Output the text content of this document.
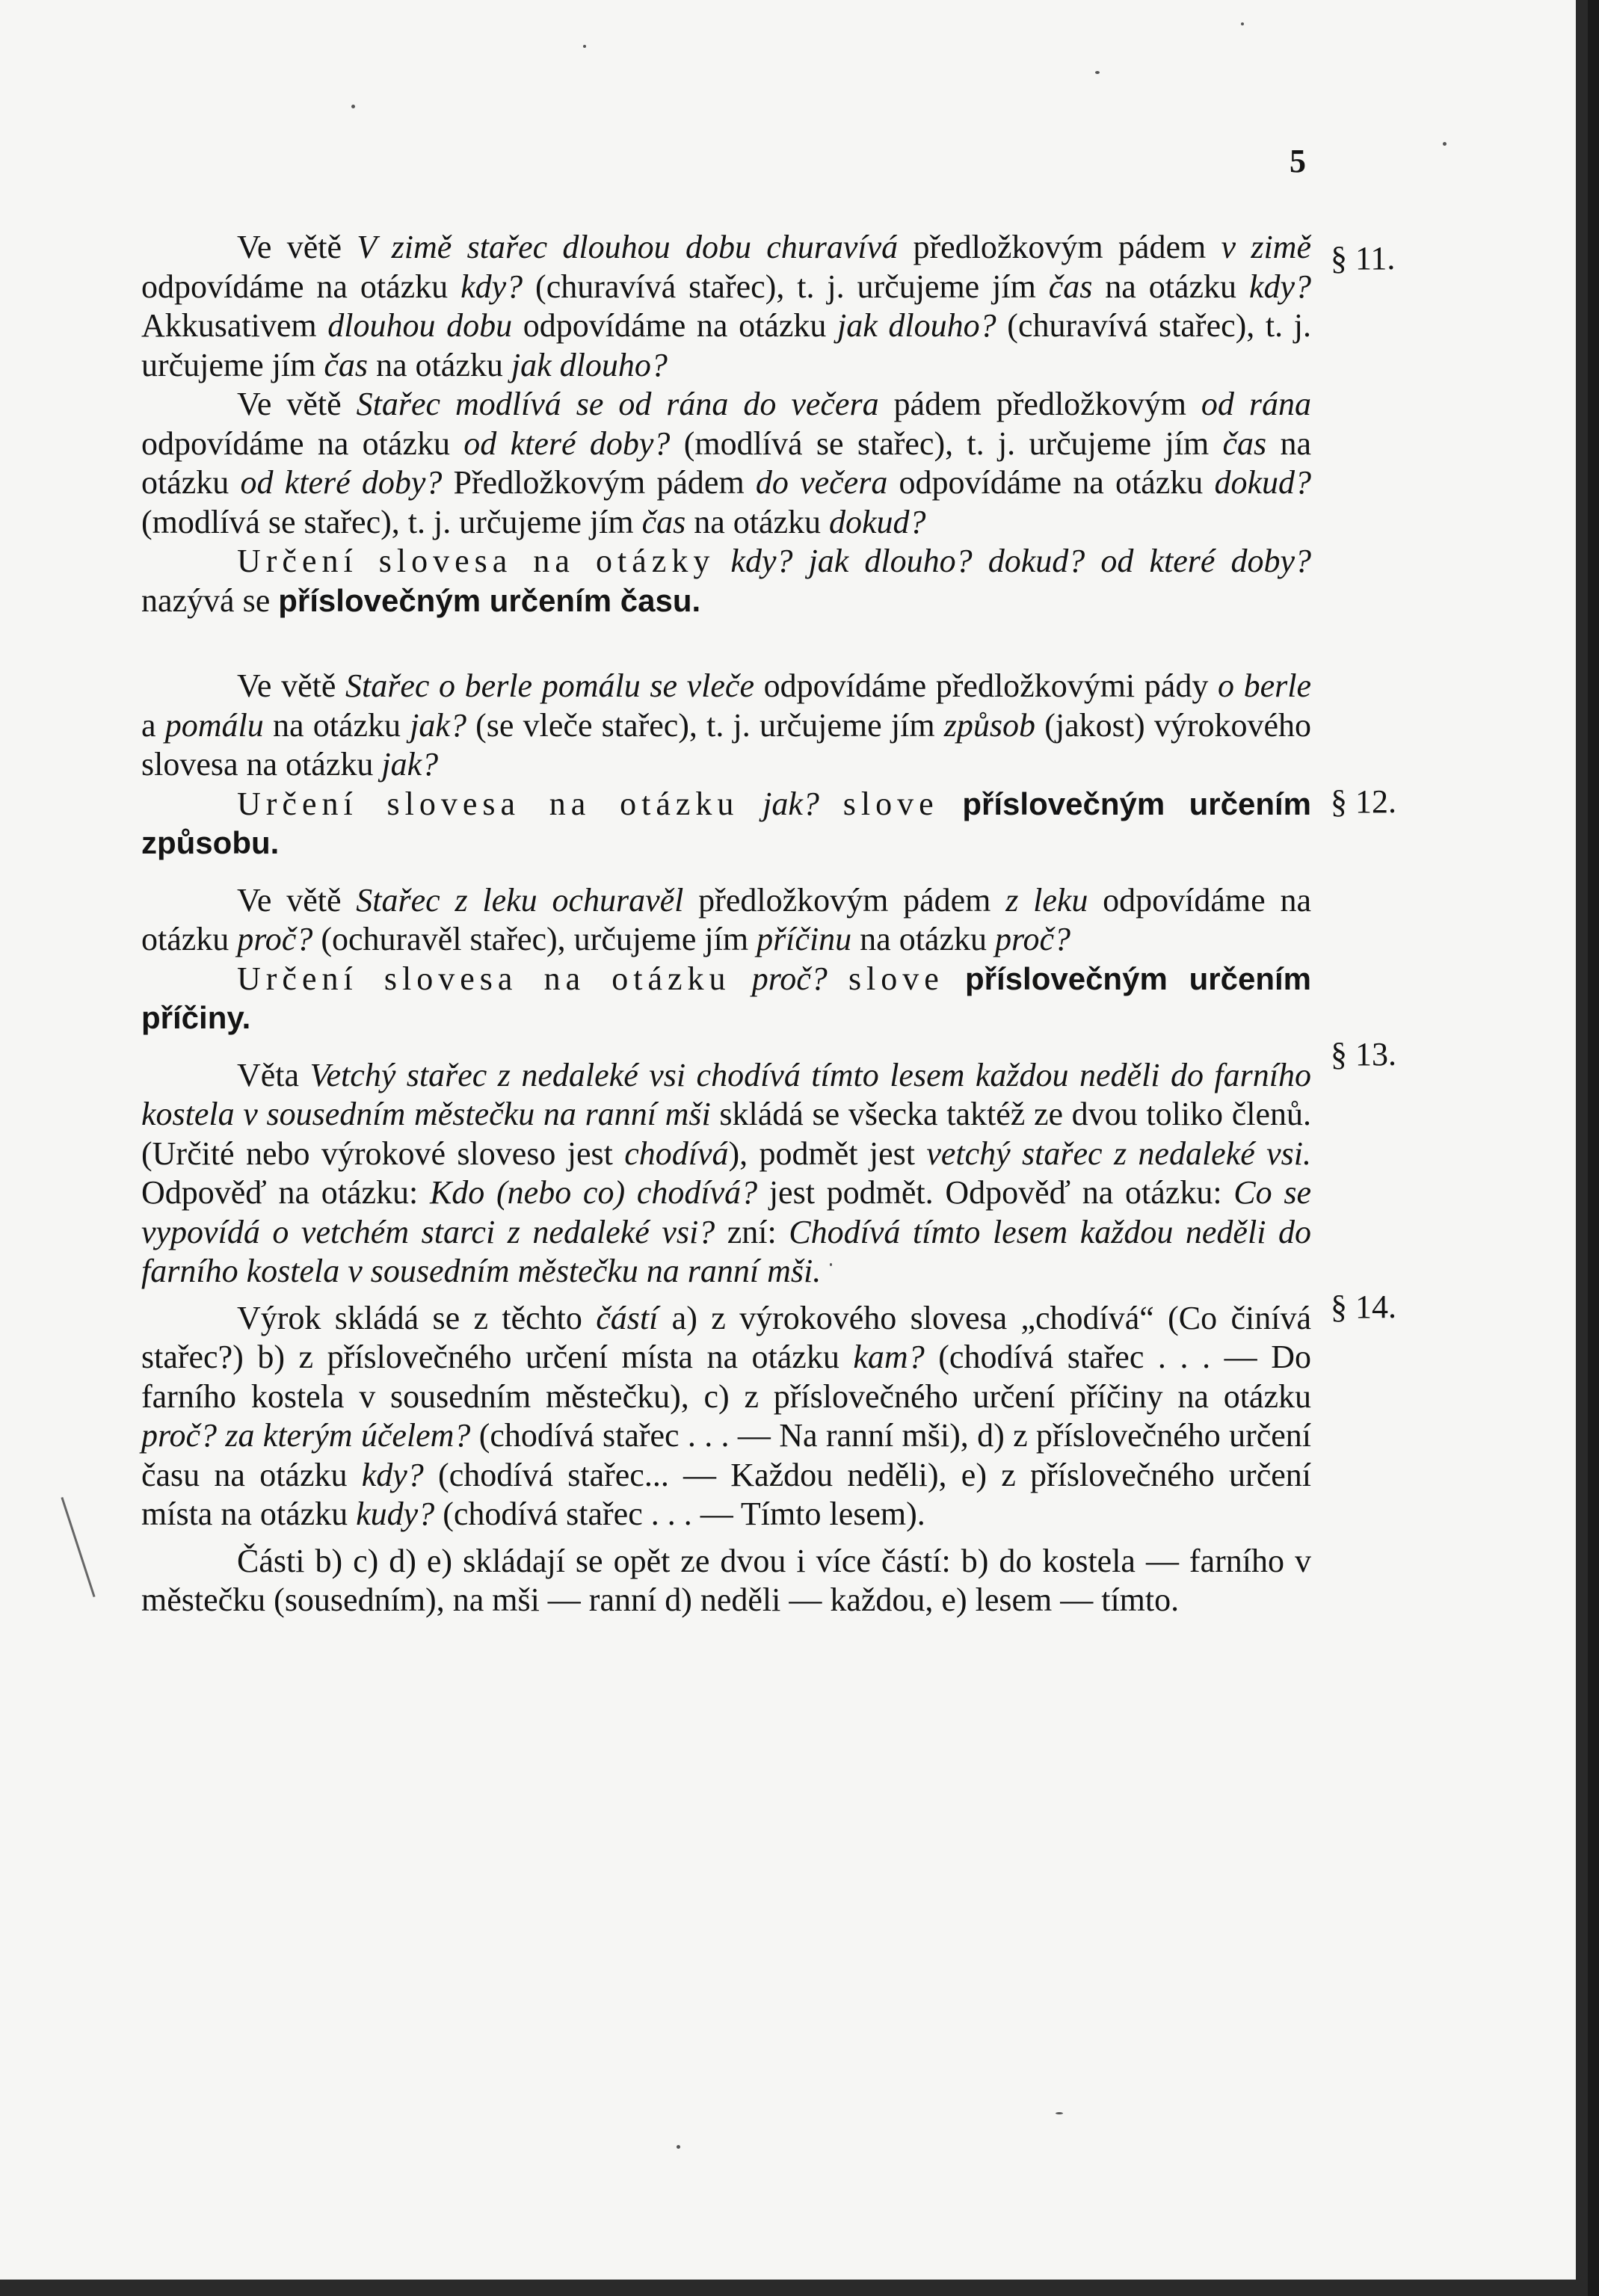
5
§ 11.
§ 12.
§ 13.
§ 14.

Ve větě V zimě stařec dlouhou dobu churavívá předložkovým pádem v zimě odpovídáme na otázku kdy? (churavívá stařec), t. j. určujeme jím čas na otázku kdy? Akkusativem dlouhou dobu odpovídáme na otázku jak dlouho? (churavívá stařec), t. j. určujeme jím čas na otázku jak dlouho?

Ve větě Stařec modlívá se od rána do večera pádem předložkovým od rána odpovídáme na otázku od které doby? (modlívá se stařec), t. j. určujeme jím čas na otázku od které doby? Předložkovým pádem do večera odpovídáme na otázku dokud? (modlívá se stařec), t. j. určujeme jím čas na otázku dokud?

Určení slovesa na otázky kdy? jak dlouho? dokud? od které doby? nazývá se příslovečným určením času.

Ve větě Stařec o berle pomálu se vleče odpovídáme předložkovými pády o berle a pomálu na otázku jak? (se vleče stařec), t. j. určujeme jím způsob (jakost) výrokového slovesa na otázku jak?

Určení slovesa na otázku jak? slove příslovečným určením způsobu.

Ve větě Stařec z leku ochuravěl předložkovým pádem z leku odpovídáme na otázku proč? (ochuravěl stařec), určujeme jím příčinu na otázku proč?

Určení slovesa na otázku proč? slove příslovečným určením příčiny.

Věta Vetchý stařec z nedaleké vsi chodívá tímto lesem každou neděli do farního kostela v sousedním městečku na ranní mši skládá se všecka taktéž ze dvou toliko členů. (Určité nebo výrokové sloveso jest chodívá), podmět jest vetchý stařec z nedaleké vsi. Odpověď na otázku: Kdo (nebo co) chodívá? jest podmět. Odpověď na otázku: Co se vypovídá o vetchém starci z nedaleké vsi? zní: Chodívá tímto lesem každou neděli do farního kostela v sousedním městečku na ranní mši.

Výrok skládá se z těchto částí a) z výrokového slovesa „chodívá“ (Co činívá stařec?) b) z příslovečného určení místa na otázku kam? (chodívá stařec . . . — Do farního kostela v sousedním městečku), c) z příslovečného určení příčiny na otázku proč? za kterým účelem? (chodívá stařec . . . — Na ranní mši), d) z příslovečného určení času na otázku kdy? (chodívá stařec... — Každou neděli), e) z příslovečného určení místa na otázku kudy? (chodívá stařec . . . — Tímto lesem).

Části b) c) d) e) skládají se opět ze dvou i více částí: b) do kostela — farního v městečku (sousedním), na mši — ranní d) neděli — každou, e) lesem — tímto.
